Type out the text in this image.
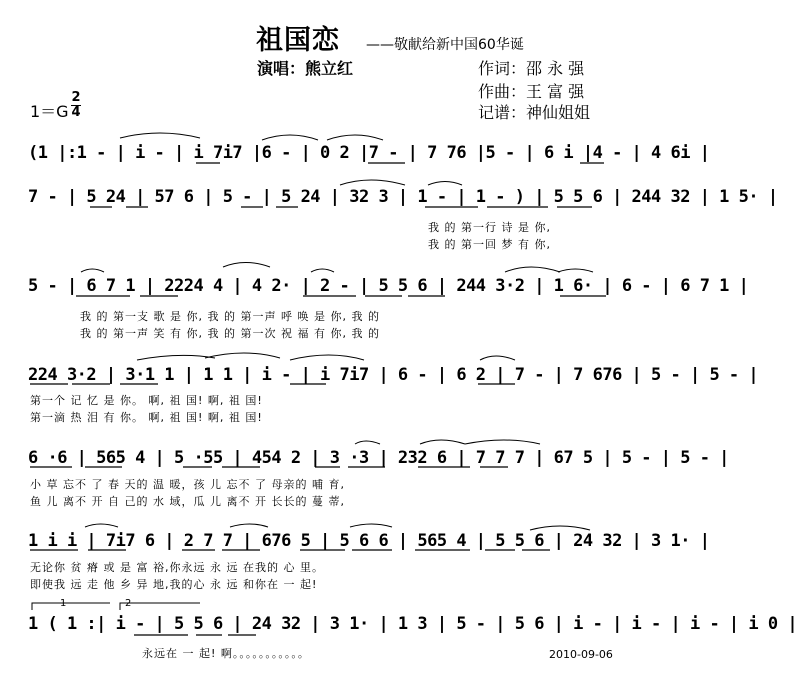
祖国恋 ——敬献给新中国60华诞
演唱：熊立红	作词：邵 永 强
作曲：王 富 强
记谱：神仙姐姐
1＝G
2
4
(1 |:1 - | i - | i 7i7 |6 - | 0 2 |7 - | 7 76 |5 - | 6 i |4 - | 4 6i |
7 - | 5 24 | 57 6 | 5 - | 5 24 | 32 3 | 1 - | 1 - ) | 5 5 6 | 244 32 | 1 5· |
我 的 第一行 诗 是 你,
我 的 第一回 梦 有 你,
5 - | 6 7 1 | 2224 4 | 4 2· | 2 - | 5 5 6 | 244 3·2 | 1 6· | 6 - | 6 7 1 |
我 的 第一支 歌 是 你, 我 的 第一声 呼 唤 是 你, 我 的
我 的 第一声 笑 有 你, 我 的 第一次 祝 福 有 你, 我 的
224 3·2 | 3·1 1 | 1 1 | i - | i 7i7 | 6 - | 6 2 | 7 - | 7 676 | 5 - | 5 - |
第一个 记 忆 是 你。 啊, 祖 国! 啊, 祖 国!
第一滴 热 泪 有 你。 啊, 祖 国! 啊, 祖 国!
6 ·6 | 565 4 | 5 ·55 | 454 2 | 3 ·3 | 232 6 | 7 7 7 | 67 5 | 5 - | 5 - |
小 草 忘不 了 春 天的 温 暖，孩 儿 忘不 了 母亲的 哺 育,
鱼 儿 离不 开 自 己的 水 域，瓜 儿 离不 开 长长的 蔓 蒂,
1 i i | 7i7 6 | 2 7 7 | 676 5 | 5 6 6 | 565 4 | 5 5 6 | 24 32 | 3 1· |
无论你 贫 瘠 或 是 富 裕,你永远 永 远 在我的 心 里。
即使我 远 走 他 乡 异 地,我的心 永 远 和你在 一 起!
1	2
1 ( 1 :| i - | 5 5 6 | 24 32 | 3 1· | 1 3 | 5 - | 5 6 | i - | i - | i - | i 0 |
永远在 一 起! 啊。。。。。。。。。。。	2010-09-06
